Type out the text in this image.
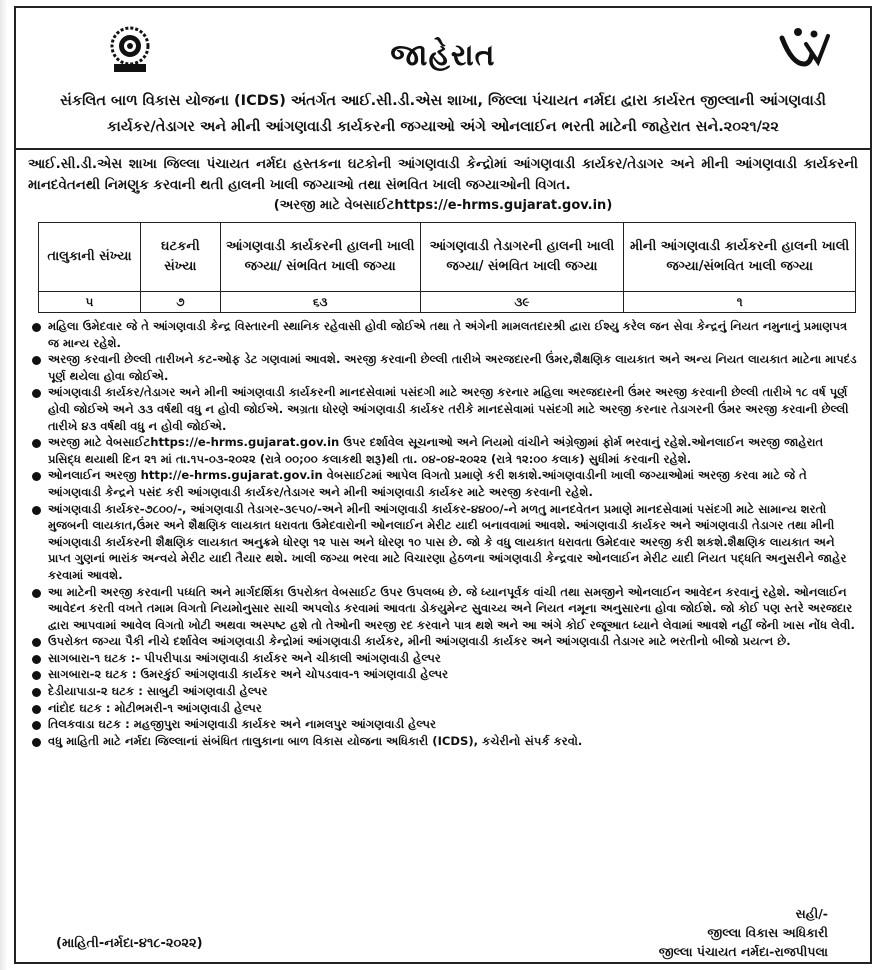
જાહેરાત
સંકલિત બાળ વિકાસ યોજના (ICDS) અંતર્ગત આઈ.સી.ડી.એસ શાખા, જિલ્લા પંચાયત નર્મદા દ્વારા કાર્યરત જીલ્લાની આંગણવાડી
કાર્યકર/તેડાગર અને મીની આંગણવાડી કાર્યકરની જગ્યાઓ અંગે ઓનલાઈન ભરતી માટેની જાહેરાત સને.૨૦૨૧/૨૨
આઈ.સી.ડી.એસ શાખા જિલ્લા પંચાયત નર્મદા હસ્તકના ઘટકોની આંગણવાડી કેન્દ્રોમાં આંગણવાડી કાર્યકર/તેડાગર અને મીની આંગણવાડી કાર્યકરની માનદવેતનથી નિમણુક કરવાની થતી હાલની ખાલી જગ્યાઓ તથા સંભવિત ખાલી જગ્યાઓની વિગત.
(અરજી માટે વેબસાઈટhttps://e-hrms.gujarat.gov.in)
તાલુકાની સંખ્યા	ઘટકની સંખ્યા	આંગણવાડી કાર્યકરની હાલની ખાલી જગ્યા/ સંભવિત ખાલી જગ્યા	આંગણવાડી તેડાગરની હાલની ખાલી જગ્યા/ સંભવિત ખાલી જગ્યા	મીની આંગણવાડી કાર્યકરની હાલની ખાલી જગ્યા/સંભવિત ખાલી જગ્યા
૫	૭	૬૩	૩૯	૧

મહિલા ઉમેદવાર જે તે આંગણવાડી કેન્દ્ર વિસ્તારની સ્થાનિક રહેવાસી હોવી જોઈએ તથા તે અંગેની મામલતદારશ્રી દ્વારા ઈશ્યુ કરેલ જન સેવા કેન્દ્રનું નિયત નમુનાનું પ્રમાણપત્ર જ માન્ય રહેશે.

અરજી કરવાની છેલ્લી તારીખને કટ-ઓફ ડેટ ગણવામાં આવશે. અરજી કરવાની છેલ્લી તારીખે અરજદારની ઉંમર,શૈક્ષણિક લાયકાત અને અન્ય નિયત લાયકાત માટેના માપદંડ પૂર્ણ થયેલા હોવા જોઈએ.

આંગણવાડી કાર્યકર/તેડાગર અને મીની આંગણવાડી કાર્યકરની માનદસેવામાં પસંદગી માટે અરજી કરનાર મહિલા અરજદારની ઉંમર અરજી કરવાની છેલ્લી તારીખે ૧૮ વર્ષ પૂર્ણ હોવી જોઈએ અને ૩૩ વર્ષથી વધુ ન હોવી જોઈએ. અગ્રતા ધોરણે આંગણવાડી કાર્યકર તરીકે માનદસેવામાં પસંદગી માટે અરજી કરનાર તેડાગરની ઉંમર અરજી કરવાની છેલ્લી તારીખે ૪૩ વર્ષથી વધુ ન હોવી જોઈએ.

અરજી માટે વેબસાઈટhttps://e-hrms.gujarat.gov.in ઉપર દર્શાવેલ સૂચનાઓ અને નિયમો વાંચીને અંગ્રેજીમાં ફોર્મ ભરવાનું રહેશે.ઓનલાઈન અરજી જાહેરાત પ્રસિદ્ધ થયાથી દિન ૨૧ માં તા.૧૫-૦૩-૨૦૨૨ (રાત્રે ૦૦;૦૦ કલાકથી શરૂ)થી તા. ૦૪-૦૪-૨૦૨૨ (રાત્રે ૧૨:૦૦ કલાક) સુધીમાં કરવાની રહેશે.

ઓનલાઈન અરજી http://e-hrms.gujarat.gov.in વેબસાઈટમાં આપેલ વિગતો પ્રમાણે કરી શકાશે.આંગણવાડીની ખાલી જગ્યાઓમાં અરજી કરવા માટે જે તે આંગણવાડી કેન્દ્રને પસંદ કરી આંગણવાડી કાર્યકર/તેડાગર અને મીની આંગણવાડી કાર્યકર માટે અરજી કરવાની રહેશે.

આંગણવાડી કાર્યકર-૭૮૦૦/-, આંગણવાડી તેડાગર-૩૯૫૦/-અને મીની આંગણવાડી કાર્યકર-૪૪૦૦/-ને મળતુ માનદવેતન પ્રમાણે માનદસેવામાં પસંદગી માટે સામાન્ય શરતો મુજબની લાયકાત,ઉંમર અને શૈક્ષણિક લાયકાત ધરાવતા ઉમેદવારોની ઓનલાઈન મેરીટ યાદી બનાવવામાં આવશે. આંગણવાડી કાર્યકર અને આંગણવાડી તેડાગર તથા મીની આંગણવાડી કાર્યકરની શૈક્ષણિક લાયકાત અનુક્રમે ધોરણ ૧૨ પાસ અને ધોરણ ૧૦ પાસ છે. જો કે વધુ લાયકાત ધરાવતા ઉમેદવાર અરજી કરી શકશે.શૈક્ષણિક લાયકાત અને પ્રાપ્ત ગુણનાં ભારાંક અન્વયે મેરીટ યાદી તૈયાર થશે. ખાલી જગ્યા ભરવા માટે વિચારણા હેઠળના આંગણવાડી કેન્દ્રવાર ઓનલાઈન મેરીટ યાદી નિયત પદ્ધતિ અનુસરીને જાહેર કરવામાં આવશે.

આ માટેની અરજી કરવાની પધ્ધતિ અને માર્ગદર્શિકા ઉપરોક્ત વેબસાઈટ ઉપર ઉપલબ્ધ છે. જે ધ્યાનપૂર્વક વાંચી તથા સમજીને ઓનલાઈન આવેદન કરવાનું રહેશે. ઓનલાઈન આવેદન કરતી વખતે તમામ વિગતો નિયમોનુસાર સાચી અપલોડ કરવામાં આવતા ડોકયુમેન્ટ સુવાચ્ય અને નિયત નમૂના અનુસારના હોવા જોઈશે. જો કોઈ પણ સ્તરે અરજદાર દ્વારા આપવામાં આવેલ વિગતો ખોટી અથવા અસ્પષ્ટ હશે તો તેઓની અરજી રદ કરવાને પાત્ર થશે અને આ અંગે કોઈ રજૂઆત ધ્યાને લેવામાં આવશે નહીં જેની ખાસ નોંધ લેવી.

ઉપરોક્ત જગ્યા પૈકી નીચે દર્શાવેલ આંગણવાડી કેન્દ્રોમાં આંગણવાડી કાર્યકર, મીની આંગણવાડી કાર્યકર અને આંગણવાડી તેડાગર માટે ભરતીનો બીજો પ્રયત્ન છે.

સાગબારા-૧ ઘટક :- પીપરીપાડા આંગણવાડી કાર્યકર અને ચીકાલી આંગણવાડી હેલ્પર

સાગબારા-૨ ઘટક : ઉમરકુંઈ આંગણવાડી કાર્યકર અને ચોપડવાવ-૧ આંગણવાડી હેલ્પર

દેડીયાપાડા-૨ ઘટક : સાબુટી આંગણવાડી હેલ્પર

નાંદોદ ઘટક : મોટીભમરી-૧ આંગણવાડી હેલ્પર

તિલકવાડા ઘટક : મહજીપુરા આંગણવાડી કાર્યકર અને નામલપુર આંગણવાડી હેલ્પર

વધુ માહિતી માટે નર્મદા જિલ્લાનાં સંબંધિત તાલુકાના બાળ વિકાસ યોજના અધિકારી (ICDS), કચેરીનો સંપર્ક કરવો.

(માહિતી-નર્મદા-૪૧૮-૨૦૨૨)
સહી/-
જીલ્લા વિકાસ અધિકારી
જીલ્લા પંચાયત નર્મદા-રાજપીપલા
